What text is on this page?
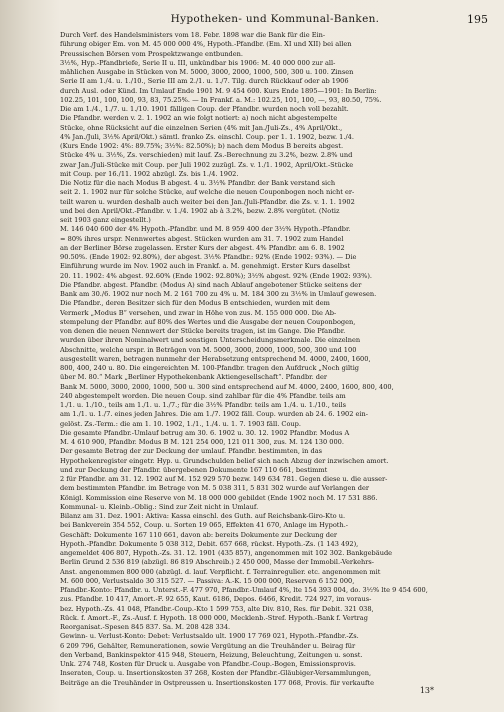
Hypotheken- und Kommunal-Banken.	195
Durch Verf. des Handelsministers vom 18. Febr. 1898 war die Bank für die Ein-
führung obiger Em. von M. 45 000 000 4%, Hypoth.-Pfandbr. (Em. XI und XII) bei allen
Preussischen Börsen vom Prospektzwange entbunden.
3½%, Hyp.-Pfandbriefe, Serie II u. III, unkündbar bis 1906: M. 40 000 000 zur all-
mählichen Ausgabe in Stücken von M. 5000, 3000, 2000, 1000, 500, 300 u. 100. Zinsen
Serie II am 1./4. u. 1./10., Serie III am 2./1. u. 1./7. Tilg. durch Rückkauf oder ab 1906
durch Ausl. oder Künd. Im Umlauf Ende 1901 M. 9 454 600. Kurs Ende 1895—1901: In Berlin:
102.25, 101, 100, 100, 93, 83, 75.25%. — In Frankf. a. M.: 102.25, 101, 100, —, 93, 80.50, 75%.
Die am 1./4., 1./7. u. 1./10. 1901 fälligen Coup. der Pfandbr. wurden noch voll bezahlt.
Die Pfandbr. werden v. 2. 1. 1902 an wie folgt notiert: a) noch nicht abgestempelte
Stücke, ohne Rücksicht auf die einzelnen Serien (4% mit Jan./Juli-Zs., 4% April/Okt.,
4% Jan./Juli, 3½% April/Okt.) sämtl. franko Zs. einschl. Coup. per 1. 1. 1902, bezw. 1./4.
(Kurs Ende 1902: 4%: 89.75%; 3½%: 82.50%); b) nach dem Modus B bereits abgest.
Stücke 4% u. 3½%, Zs. verschieden) mit lauf. Zs.-Berechnung zu 3.2%, bezw. 2.8% und
zwar Jan./Juli-Stücke mit Coup. per Juli 1902 zuzügl. Zs. v. 1./1. 1902, April/Okt.-Stücke
mit Coup. per 16./11. 1902 abzügl. Zs. bis 1./4. 1902.
Die Notiz für die nach Modus B abgest. 4 u. 3½% Pfandbr. der Bank verstand sich
seit 2. 1. 1902 nur für solche Stücke, auf welche die neuen Couponbogen noch nicht er-
teilt waren u. wurden deshalb auch weiter bei den Jan./Juli-Pfandbr. die Zs. v. 1. 1. 1902
und bei den April/Okt.-Pfandbr. v. 1./4. 1902 ab à 3.2%, bezw. 2.8% vergütet. (Notiz
seit 1903 ganz eingestellt.)
M. 146 040 600 der 4% Hypoth.-Pfandbr. und M. 8 959 400 der 3½% Hypoth.-Pfandbr.
= 80% ihres urspr. Nennwertes abgest. Stücken wurden am 31. 7. 1902 zum Handel
an der Berliner Börse zugelassen. Erster Kurs der abgest. 4% Pfandbr. am 6. 8. 1902
90.50%. (Ende 1902: 92.80%), der abgest. 3½% Pfandbr.: 92% (Ende 1902: 93%). — Die
Einführung wurde im Nov. 1902 auch in Frankf. a. M. genehmigt. Erster Kurs daselbst
20. 11. 1902: 4% abgest. 92.60% (Ende 1902: 92.80%); 3½% abgest. 92% (Ende 1902: 93%).
Die Pfandbr. abgest. Pfandbr. (Modus A) sind nach Ablauf angebotener Stücke seitens der
Bank am 30./6. 1902 nur noch M. 2 161 700 zu 4% u. M. 184 300 zu 3½% in Umlauf gewesen.
Die Pfandbr., deren Besitzer sich für den Modus B entschieden, wurden mit dem
Vermerk „Modus B“ versehen, und zwar in Höhe von zus. M. 155 000 000. Die Ab-
stempelung der Pfandbr. auf 80% des Wertes und die Ausgabe der neuen Couponbogen,
von denen die neuen Nennwert der Stücke bereits tragen, ist im Gange. Die Pfandbr.
wurden über ihren Nominalwert und sonstigen Unterscheidungsmerkmale. Die einzelnen
Abschnitte, welche urspr. in Beträgen von M. 5000, 3000, 2000, 1000, 500, 300 und 100
ausgestellt waren, betragen nunmehr der Herabsetzung entsprechend M. 4000, 2400, 1600,
800, 400, 240 u. 80. Die eingereichten M. 100-Pfandbr. tragen den Aufdruck „Noch giltig
über M. 80.“ Mark „Berliner Hypothekenbank Aktiengesellschaft“. Pfandbr. der
Bank M. 5000, 3000, 2000, 1000, 500 u. 300 sind entsprechend auf M. 4000, 2400, 1600, 800, 400,
240 abgestempelt worden. Die neuen Coup. sind zahlbar für die 4% Pfandbr. teils am
1./1. u. 1./10., teils am 1./1. u. 1./7.; für die 3½% Pfandbr. teils am 1./4. u. 1./10., teils
am 1./1. u. 1./7. eines jeden Jahres. Die am 1./7. 1902 fäll. Coup. wurden ab 24. 6. 1902 ein-
gelöst. Zs.-Term.: die am 1. 10. 1902, 1./1., 1./4. u. 1. 7. 1903 fäll. Coup.
Die gesamte Pfandbr.-Umlauf betrug am 30. 6. 1902 u. 30. 12. 1902 Pfandbr. Modus A
M. 4 610 900, Pfandbr. Modus B M. 121 254 000, 121 011 300, zus. M. 124 130 000.
Der gesamte Betrag der zur Deckung der umlauf. Pfandbr. bestimmten, in das
Hypothekenregister eingetr. Hyp. u. Grundschulden belief sich nach Abzug der inzwischen amort.
und zur Deckung der Pfandbr. übergebenen Dokumente 167 110 661, bestimmt
2 für Pfandbr. am 31. 12. 1902 auf M. 152 929 570 bezw. 149 634 781. Gegen diese u. die ausser-
dem bestimmten Pfandbr. im Betrage von M. 5 038 311, 5 831 302 wurde auf Verlangen der
Königl. Kommission eine Reserve von M. 18 000 000 gebildet (Ende 1902 noch M. 17 531 886.
Kommunal- u. Kleinb.-Oblig.: Sind zur Zeit nicht in Umlauf.
Bilanz am 31. Dez. 1901: Aktiva: Kassa einschl. des Guth. auf Reichsbank-Giro-Kto u.
bei Bankverein 354 552, Coup. u. Sorten 19 065, Effekten 41 670, Anlage im Hypoth.-
Geschäft: Dokumente 167 110 661, davon ab: bereits Dokumente zur Deckung der
Hypoth.-Pfandbr. Dokumente 5 038 312, Debit. 657 668, rückst. Hypoth.-Zs. (1 143 492),
angemeldet 406 807, Hypoth.-Zs. 31. 12. 1901 (435 857), angenommen mit 102 302. Bankgebäude
Berlin Grund 2 536 819 (abzügl. 86 819 Abschreib.) 2 450 000, Masse der Immobil.-Verkehrs-
Anst. angenommen 800 000 (abzügl. d. lauf. Verpflicht. f. Terrainregulier. etc. angenommen mit
M. 600 000, Verlustsaldo 30 315 527. — Passiva: A.-K. 15 000 000, Reserven 6 152 000,
Pfandbr.-Konto: Pfandbr. u. Unterst.-F. 477 970, Pfandbr.-Umlauf 4%, lte 154 393 004, do. 3½% lte 9 454 600,
zus. Pfandbr. 10 417, Amort.-F. 92 655, Kaut. 6186, Depos. 6466, Kredit. 724 927, im voraus-
bez. Hypoth.-Zs. 41 048, Pfandbr.-Coup.-Kto 1 599 753, alte Div. 810, Res. für Debit. 321 038,
Rück. f. Amort.-F., Zs.-Ausf. f. Hypoth. 18 000 000, Mecklenb.-Stref. Hypoth.-Bank f. Vertrag
Reorganisat.-Spesen 845 837. Sa. M. 208 428 334.
Gewinn- u. Verlust-Konto: Debet: Verlustsaldo ult. 1900 17 769 021, Hypoth.-Pfandbr.-Zs.
6 209 796, Gehälter, Remunerationen, sowie Vergütung an die Treuhänder u. Beirag für
den Verband, Bankinspektor 415 948, Steuern, Heizung, Beleuchtung, Zeitungen u. sonst.
Unk. 274 748, Kosten für Druck u. Ausgabe von Pfandbr.-Coup.-Bogen, Emissionsprovis.
Inseraten, Coup. u. Insertionskosten 37 268, Kosten der Pfandbr.-Gläubiger-Versammlungen,
Beiträge an die Treuhänder in Ostpreussen u. Insertionskosten 177 068, Provis. für verkaufte
13*
